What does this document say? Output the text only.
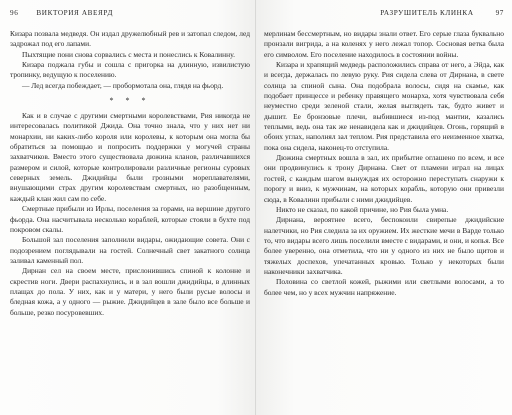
96	ВИКТОРИЯ АВЕЯРД

Кизара позвала медведя. Он издал дружелюбный рев и затопал следом, лед задрожал под его лапами.

Пыхтящие пони снова сорвались с места и понеслись к Ковалинну.

Кизара поджала губы и сошла с пригорка на длинную, извилистую тропинку, ведущую к поселению.

— Лед всегда побеждает, — пробормотала она, глядя на фьорд.

* * *

Как и в случае с другими смертными королевствами, Рия никогда не интересовалась политикой Джида. Она точно знала, что у них нет ни монархии, ни каких-либо короля или королевы, к которым она могла бы обратиться за помощью и попросить поддержки у могучей страны захватчиков. Вместо этого существовала дюжина кланов, различавшихся размером и силой, которые контролировали различные регионы суровых северных земель. Джидийцы были грозными мореплавателями, внушающими страх другим королевствам смертных, но разобщенным, каждый клан жил сам по себе.

Смертные прибыли из Ирлы, поселения за горами, на вершине другого фьорда. Она насчитывала несколько кораблей, которые стояли в бухте под покровом скалы.

Большой зал поселения заполнили видары, ожидающие совета. Они с подозрением поглядывали на гостей. Солнечный свет закатного солнца заливал каменный пол.

Дирнан сел на своем месте, прислонившись спиной к колонне и скрестив ноги. Двери распахнулись, и в зал вошли джидийцы, в длинных плащах до пола. У них, как и у матери, у него были русые волосы и бледная кожа, а у одного — рыжие. Джидийцев в зале было все больше и больше, резко посуровевших.

РАЗРУШИТЕЛЬ КЛИНКА	97

мерлинам бессмертным, но видары знали ответ. Его серые глаза буквально пронзали вигрида, а на коленях у него лежал топор. Сосновая ветка была его символом. Его поселение находилось в состоянии войны.

Кизара и храпящий медведь расположились справа от него, а Эйда, как и всегда, держалась по левую руку. Рия сидела слева от Дирнана, в свете солнца за спиной сына. Она подобрала волосы, сидя на скамье, как подобает принцессе и ребенку правящего монарха, хотя чувствовала себя неуместно среди зеленой стали, желая выглядеть так, будто живет и дышит. Ее бронзовые плечи, выбившиеся из-под мантии, казались теплыми, ведь она так же ненавидела как и джидийцев. Огонь, горящий в обоих углах, наполнял зал теплом. Рия представила его неизменное хватка, пока она сидела, наконец-то отступила.

Дюжина смертных вошла в зал, их прибытие оглашено по всем, и все они продвинулись к трону Дирнана. Свет от пламени играл на лицах гостей, с каждым шагом вынуждая их осторожно переступать снаружи к порогу и вниз, к мужчинам, на которых корабль, которую они привезли сюда, в Ковалинн прибыли с ними джидийцев.

Никто не сказал, по какой причине, но Рия была умна.

Дирнана, вероятнее всего, беспокоили свирепые джидийские налетчики, но Рия следила за их оружием. Их жесткие мечи в Варде только то, что видары всего лишь поселили вместе с видарами, и они, и копья. Все более уверенно, она отметила, что ни у одного из них не было щитов и тяжелых доспехов, упечатанных кровью. Только у некоторых были наконечники захватчика.

Половина со светлой кожей, рыжими или светлыми волосами, а то более чем, но у всех мужчин напряжение.
